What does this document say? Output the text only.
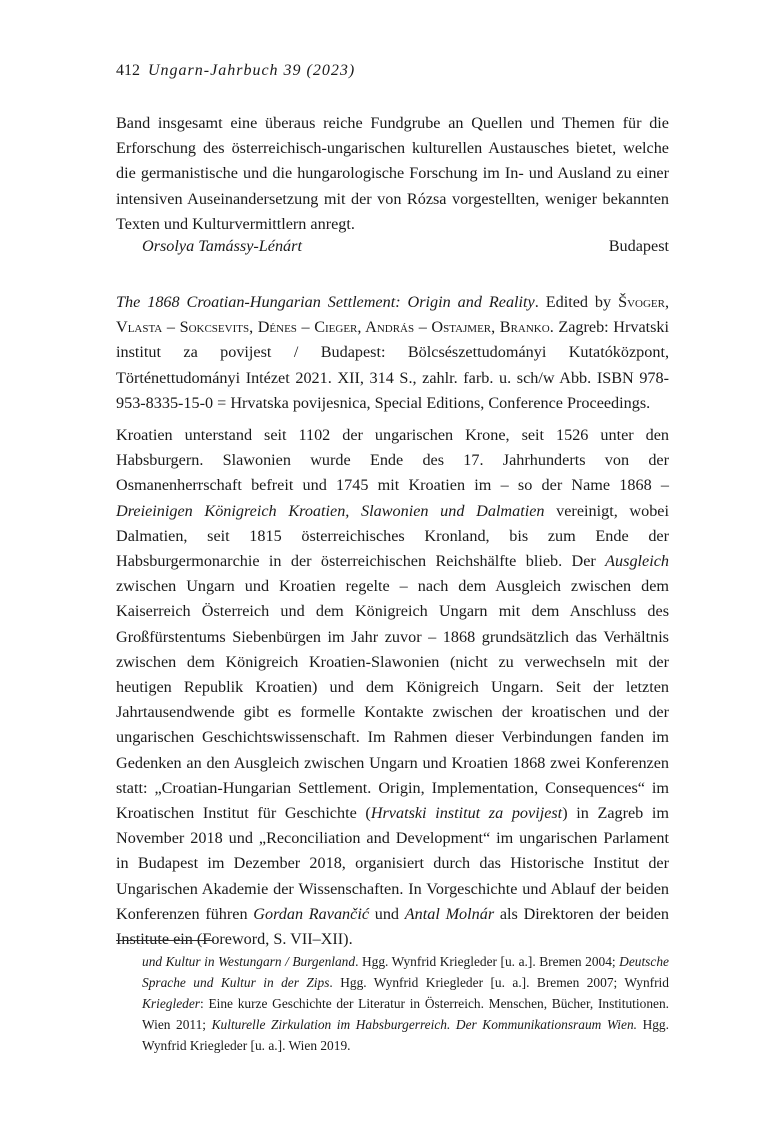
412 Ungarn-Jahrbuch 39 (2023)

Band insgesamt eine überaus reiche Fundgrube an Quellen und Themen für die Erforschung des österreichisch-ungarischen kulturellen Austausches bietet, welche die germanistische und die hungarologische Forschung im In- und Ausland zu einer intensiven Auseinandersetzung mit der von Rózsa vorgestellten, weniger bekannten Texten und Kulturvermittlern anregt.

Orsolya Tamássy-Lénárt	Budapest

The 1868 Croatian-Hungarian Settlement: Origin and Reality. Edited by Švoger, Vlasta – Sokcsevits, Dénes – Cieger, András – Ostajmer, Branko. Zagreb: Hrvatski institut za povijest / Budapest: Bölcsészettudományi Kutatóközpont, Történettudományi Intézet 2021. XII, 314 S., zahlr. farb. u. sch/w Abb. ISBN 978-953-8335-15-0 = Hrvatska povijesnica, Special Editions, Conference Proceedings.

Kroatien unterstand seit 1102 der ungarischen Krone, seit 1526 unter den Habsburgern. Slawonien wurde Ende des 17. Jahrhunderts von der Osmanenherrschaft befreit und 1745 mit Kroatien im – so der Name 1868 – Dreieinigen Königreich Kroatien, Slawonien und Dalmatien vereinigt, wobei Dalmatien, seit 1815 österreichisches Kronland, bis zum Ende der Habsburgermonarchie in der österreichischen Reichshälfte blieb. Der Ausgleich zwischen Ungarn und Kroatien regelte – nach dem Ausgleich zwischen dem Kaiserreich Österreich und dem Königreich Ungarn mit dem Anschluss des Großfürstentums Siebenbürgen im Jahr zuvor – 1868 grundsätzlich das Verhältnis zwischen dem Königreich Kroatien-Slawonien (nicht zu verwechseln mit der heutigen Republik Kroatien) und dem Königreich Ungarn. Seit der letzten Jahrtausendwende gibt es formelle Kontakte zwischen der kroatischen und der ungarischen Geschichtswissenschaft. Im Rahmen dieser Verbindungen fanden im Gedenken an den Ausgleich zwischen Ungarn und Kroatien 1868 zwei Konferenzen statt: „Croatian-Hungarian Settlement. Origin, Implementation, Consequences“ im Kroatischen Institut für Geschichte (Hrvatski institut za povijest) in Zagreb im November 2018 und „Reconciliation and Development“ im ungarischen Parlament in Budapest im Dezember 2018, organisiert durch das Historische Institut der Ungarischen Akademie der Wissenschaften. In Vorgeschichte und Ablauf der beiden Konferenzen führen Gordan Ravančić und Antal Molnár als Direktoren der beiden Institute ein (Foreword, S. VII–XII).

und Kultur in Westungarn / Burgenland. Hgg. Wynfrid Kriegleder [u. a.]. Bremen 2004; Deutsche Sprache und Kultur in der Zips. Hgg. Wynfrid Kriegleder [u. a.]. Bremen 2007; Wynfrid Kriegleder: Eine kurze Geschichte der Literatur in Österreich. Menschen, Bücher, Institutionen. Wien 2011; Kulturelle Zirkulation im Habsburgerreich. Der Kommunikationsraum Wien. Hgg. Wynfrid Kriegleder [u. a.]. Wien 2019.
